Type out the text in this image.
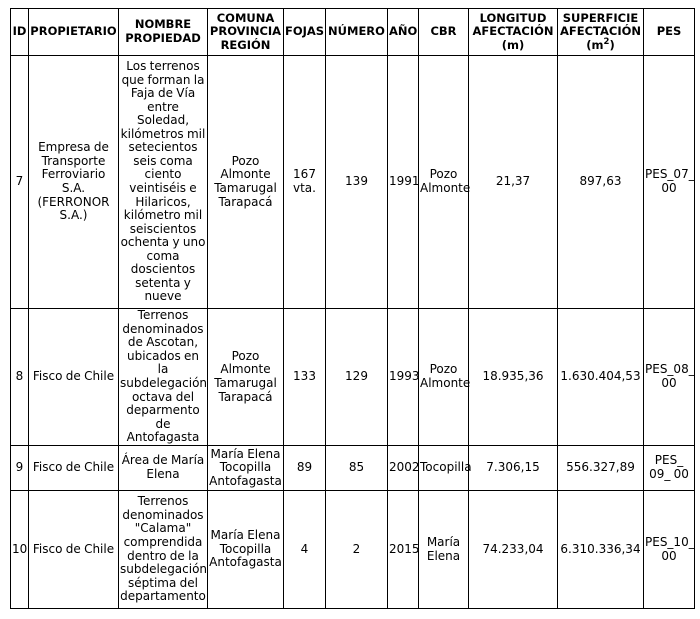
ID	PROPIETARIO	NOMBRE PROPIEDAD	COMUNA PROVINCIA REGIÓN	FOJAS	NÚMERO	AÑO	CBR	LONGITUD AFECTACIÓN (m)	SUPERFICIE AFECTACIÓN $(m^2)$	PES
7	Empresa de Transporte Ferroviario S.A. (FERRONOR S.A.)	Los terrenos que forman la Faja de Vía entre Soledad, kilómetros mil setecientos seis coma ciento veintiséis e Hilaricos, kilómetro mil seiscientos ochenta y uno coma doscientos setenta y nueve	Pozo Almonte Tamarugal Tarapacá	167 vta.	139	1991	Pozo Almonte	21,37	897,63	PES_07_ 00
8	Fisco de Chile	Terrenos denominados de Ascotan, ubicados en la subdelegación octava del deparmento de Antofagasta	Pozo Almonte Tamarugal Tarapacá	133	129	1993	Pozo Almonte	18.935,36	1.630.404,53	PES_08_ 00
9	Fisco de Chile	Área de María Elena	María Elena Tocopilla Antofagasta	89	85	2002	Tocopilla	7.306,15	556.327,89	PES_ 09_ 00
10	Fisco de Chile	Terrenos denominados "Calama" comprendida dentro de la subdelegación séptima del departamento	María Elena Tocopilla Antofagasta	4	2	2015	María Elena	74.233,04	6.310.336,34	PES_10_ 00
